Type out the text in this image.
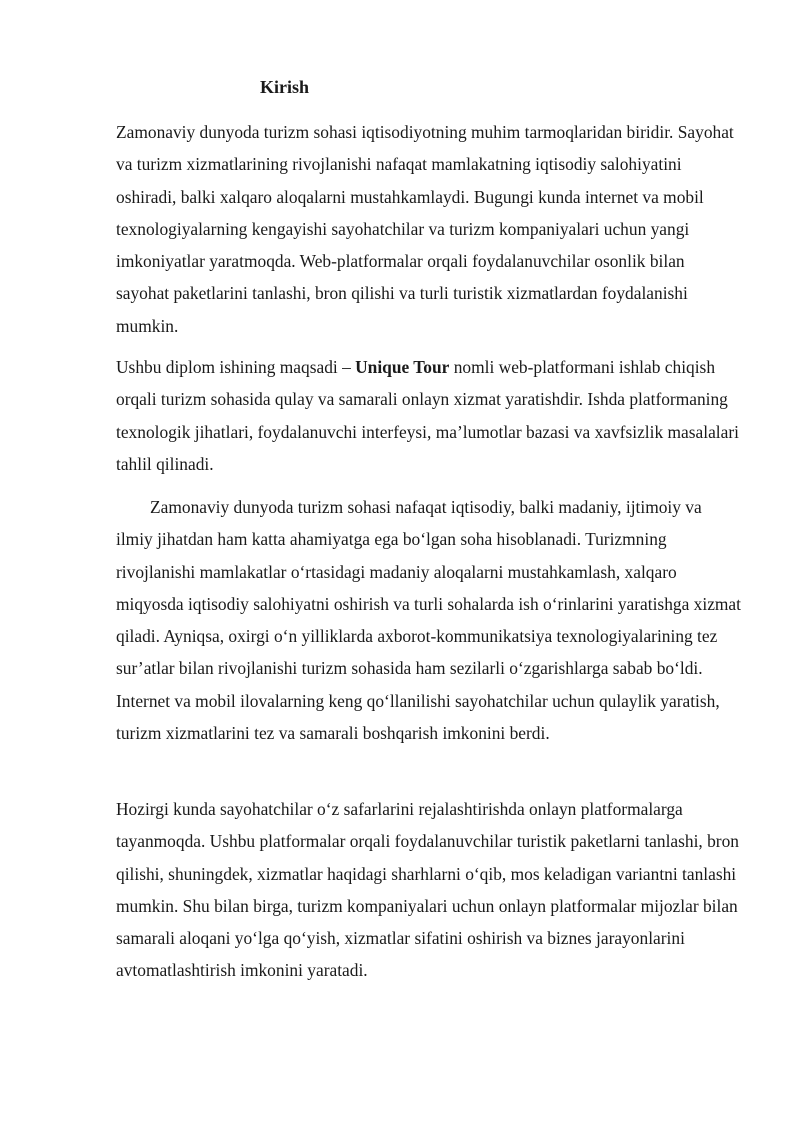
Kirish

Zamonaviy dunyoda turizm sohasi iqtisodiyotning muhim tarmoqlaridan biridir. Sayohat va turizm xizmatlarining rivojlanishi nafaqat mamlakatning iqtisodiy salohiyatini oshiradi, balki xalqaro aloqalarni mustahkamlaydi. Bugungi kunda internet va mobil texnologiyalarning kengayishi sayohatchilar va turizm kompaniyalari uchun yangi imkoniyatlar yaratmoqda. Web-platformalar orqali foydalanuvchilar osonlik bilan sayohat paketlarini tanlashi, bron qilishi va turli turistik xizmatlardan foydalanishi mumkin.

Ushbu diplom ishining maqsadi – Unique Tour nomli web-platformani ishlab chiqish orqali turizm sohasida qulay va samarali onlayn xizmat yaratishdir. Ishda platformaning texnologik jihatlari, foydalanuvchi interfeysi, ma’lumotlar bazasi va xavfsizlik masalalari tahlil qilinadi.

Zamonaviy dunyoda turizm sohasi nafaqat iqtisodiy, balki madaniy, ijtimoiy va ilmiy jihatdan ham katta ahamiyatga ega bo‘lgan soha hisoblanadi. Turizmning rivojlanishi mamlakatlar o‘rtasidagi madaniy aloqalarni mustahkamlash, xalqaro miqyosda iqtisodiy salohiyatni oshirish va turli sohalarda ish o‘rinlarini yaratishga xizmat qiladi. Ayniqsa, oxirgi o‘n yilliklarda axborot-kommunikatsiya texnologiyalarining tez sur’atlar bilan rivojlanishi turizm sohasida ham sezilarli o‘zgarishlarga sabab bo‘ldi. Internet va mobil ilovalarning keng qo‘llanilishi sayohatchilar uchun qulaylik yaratish, turizm xizmatlarini tez va samarali boshqarish imkonini berdi.

Hozirgi kunda sayohatchilar o‘z safarlarini rejalashtirishda onlayn platformalarga tayanmoqda. Ushbu platformalar orqali foydalanuvchilar turistik paketlarni tanlashi, bron qilishi, shuningdek, xizmatlar haqidagi sharhlarni o‘qib, mos keladigan variantni tanlashi mumkin. Shu bilan birga, turizm kompaniyalari uchun onlayn platformalar mijozlar bilan samarali aloqani yo‘lga qo‘yish, xizmatlar sifatini oshirish va biznes jarayonlarini avtomatlashtirish imkonini yaratadi.
